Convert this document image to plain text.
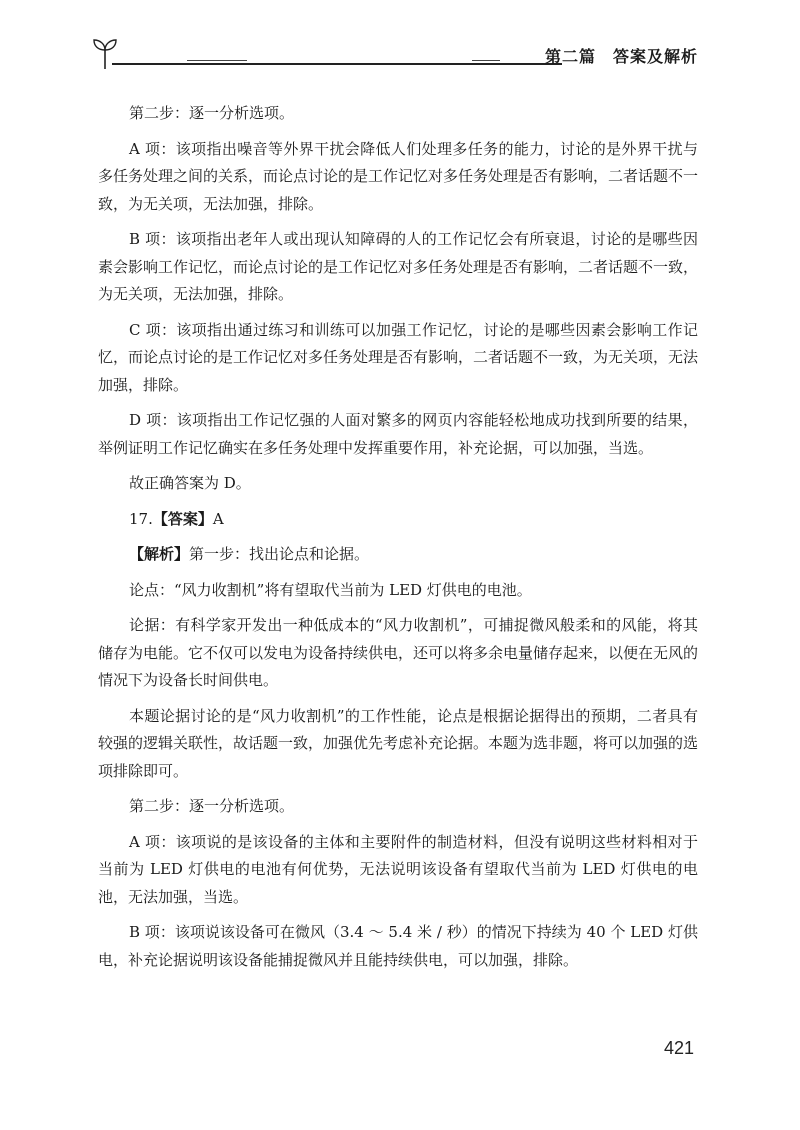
第二篇　答案及解析

第二步：逐一分析选项。

A 项：该项指出噪音等外界干扰会降低人们处理多任务的能力，讨论的是外界干扰与多任务处理之间的关系，而论点讨论的是工作记忆对多任务处理是否有影响，二者话题不一致，为无关项，无法加强，排除。

B 项：该项指出老年人或出现认知障碍的人的工作记忆会有所衰退，讨论的是哪些因素会影响工作记忆，而论点讨论的是工作记忆对多任务处理是否有影响，二者话题不一致，为无关项，无法加强，排除。

C 项：该项指出通过练习和训练可以加强工作记忆，讨论的是哪些因素会影响工作记忆，而论点讨论的是工作记忆对多任务处理是否有影响，二者话题不一致，为无关项，无法加强，排除。

D 项：该项指出工作记忆强的人面对繁多的网页内容能轻松地成功找到所要的结果，举例证明工作记忆确实在多任务处理中发挥重要作用，补充论据，可以加强，当选。

故正确答案为 D。

17.【答案】A

【解析】第一步：找出论点和论据。

论点：“风力收割机”将有望取代当前为 LED 灯供电的电池。

论据：有科学家开发出一种低成本的“风力收割机”，可捕捉微风般柔和的风能，将其储存为电能。它不仅可以发电为设备持续供电，还可以将多余电量储存起来，以便在无风的情况下为设备长时间供电。

本题论据讨论的是“风力收割机”的工作性能，论点是根据论据得出的预期，二者具有较强的逻辑关联性，故话题一致，加强优先考虑补充论据。本题为选非题，将可以加强的选项排除即可。

第二步：逐一分析选项。

A 项：该项说的是该设备的主体和主要附件的制造材料，但没有说明这些材料相对于当前为 LED 灯供电的电池有何优势，无法说明该设备有望取代当前为 LED 灯供电的电池，无法加强，当选。

B 项：该项说该设备可在微风（3.4 ～ 5.4 米 / 秒）的情况下持续为 40 个 LED 灯供电，补充论据说明该设备能捕捉微风并且能持续供电，可以加强，排除。

421
